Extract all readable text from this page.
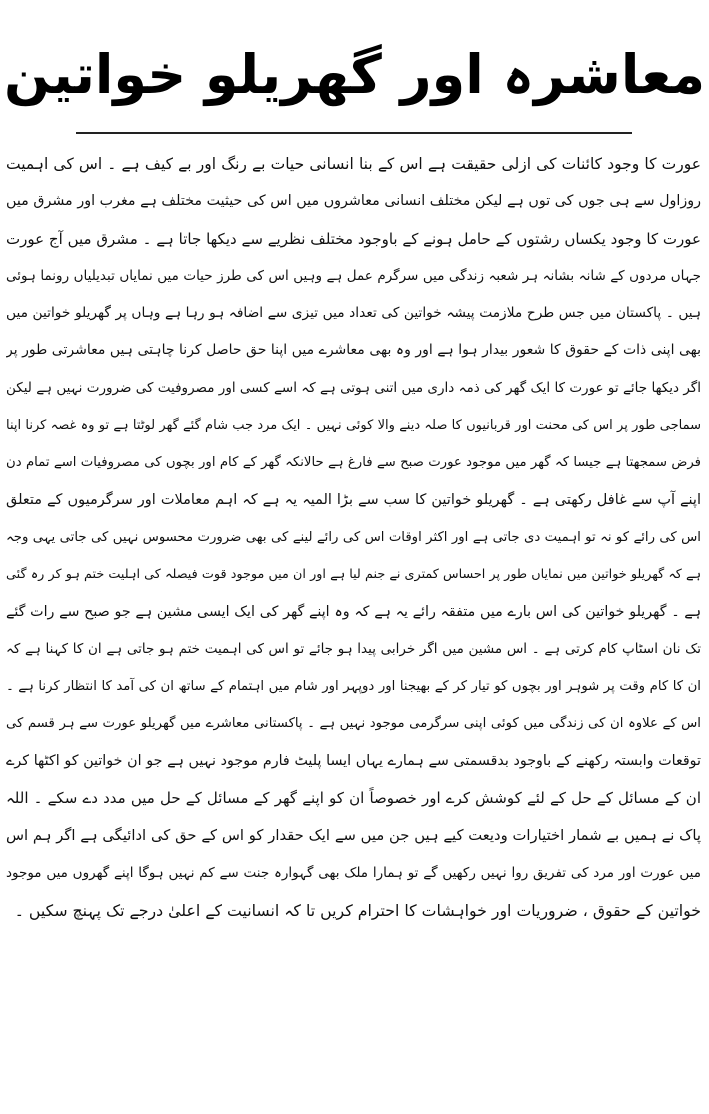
معاشرہ اور گھریلو خواتین
عورت کا وجود کائنات کی ازلی حقیقت ہے اس کے بنا انسانی حیات بے رنگ اور بے کیف ہے ۔ اس کی اہمیت
روزاول سے ہی جوں کی توں ہے لیکن مختلف انسانی معاشروں میں اس کی حیثیت مختلف ہے مغرب اور مشرق میں
عورت کا وجود یکساں رشتوں کے حامل ہونے کے باوجود مختلف نظریے سے دیکھا جاتا ہے ۔ مشرق میں آج عورت
جہاں مردوں کے شانہ بشانہ ہر شعبہ زندگی میں سرگرم عمل ہے وہیں اس کی طرز حیات میں نمایاں تبدیلیاں رونما ہوئی
ہیں ۔ پاکستان میں جس طرح ملازمت پیشہ خواتین کی تعداد میں تیزی سے اضافہ ہو رہا ہے وہاں پر گھریلو خواتین میں
بھی اپنی ذات کے حقوق کا شعور بیدار ہوا ہے اور وہ بھی معاشرے میں اپنا حق حاصل کرنا چاہتی ہیں معاشرتی طور پر
اگر دیکھا جائے تو عورت کا ایک گھر کی ذمہ داری میں اتنی ہوتی ہے کہ اسے کسی اور مصروفیت کی ضرورت نہیں ہے لیکن
سماجی طور پر اس کی محنت اور قربانیوں کا صلہ دینے والا کوئی نہیں ۔ ایک مرد جب شام گئے گھر لوٹتا ہے تو وہ غصہ کرنا اپنا
فرض سمجھتا ہے جیسا کہ گھر میں موجود عورت صبح سے فارغ ہے حالانکہ گھر کے کام اور بچوں کی مصروفیات اسے تمام دن
اپنے آپ سے غافل رکھتی ہے ۔ گھریلو خواتین کا سب سے بڑا المیہ یہ ہے کہ اہم معاملات اور سرگرمیوں کے متعلق
اس کی رائے کو نہ تو اہمیت دی جاتی ہے اور اکثر اوقات اس کی رائے لینے کی بھی ضرورت محسوس نہیں کی جاتی یہی وجہ
ہے کہ گھریلو خواتین میں نمایاں طور پر احساس کمتری نے جنم لیا ہے اور ان میں موجود قوت فیصلہ کی اہلیت ختم ہو کر رہ گئی
ہے ۔ گھریلو خواتین کی اس بارے میں متفقہ رائے یہ ہے کہ وہ اپنے گھر کی ایک ایسی مشین ہے جو صبح سے رات گئے
تک نان اسٹاپ کام کرتی ہے ۔ اس مشین میں اگر خرابی پیدا ہو جائے تو اس کی اہمیت ختم ہو جاتی ہے ان کا کہنا ہے کہ
ان کا کام وقت پر شوہر اور بچوں کو تیار کر کے بھیجنا اور دوپہر اور شام میں اہتمام کے ساتھ ان کی آمد کا انتظار کرنا ہے ۔
اس کے علاوہ ان کی زندگی میں کوئی اپنی سرگرمی موجود نہیں ہے ۔ پاکستانی معاشرے میں گھریلو عورت سے ہر قسم کی
توقعات وابستہ رکھنے کے باوجود بدقسمتی سے ہمارے یہاں ایسا پلیٹ فارم موجود نہیں ہے جو ان خواتین کو اکٹھا کرے
ان کے مسائل کے حل کے لئے کوشش کرے اور خصوصاً ان کو اپنے گھر کے مسائل کے حل میں مدد دے سکے ۔ اللہ
پاک نے ہمیں بے شمار اختیارات ودیعت کیے ہیں جن میں سے ایک حقدار کو اس کے حق کی ادائیگی ہے اگر ہم اس
میں عورت اور مرد کی تفریق روا نہیں رکھیں گے تو ہمارا ملک بھی گہوارہ جنت سے کم نہیں ہوگا اپنے گھروں میں موجود
خواتین کے حقوق ، ضروریات اور خواہشات کا احترام کریں تا کہ انسانیت کے اعلیٰ درجے تک پہنچ سکیں ۔
